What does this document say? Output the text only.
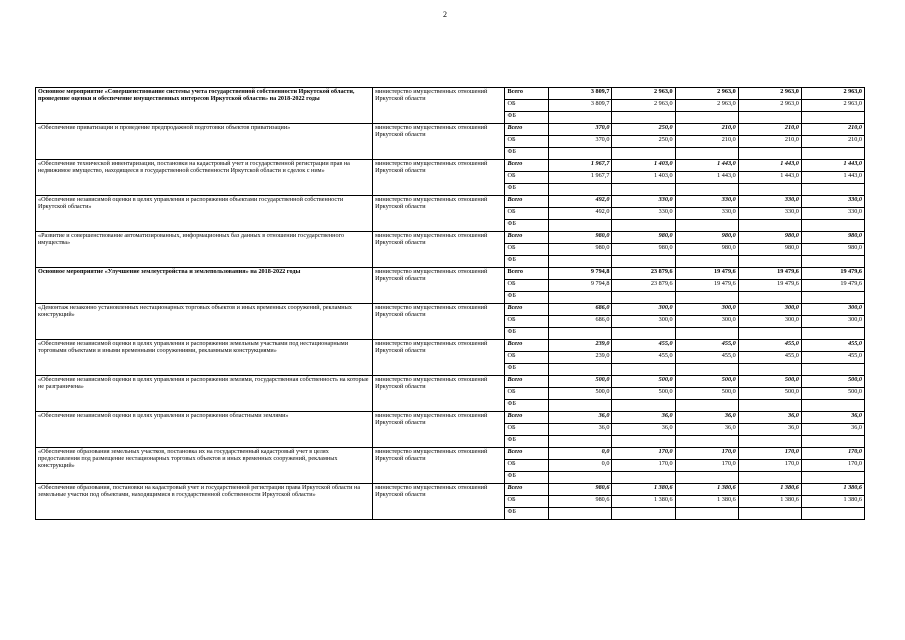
2
Основное мероприятие «Совершенствование системы учета государственной собственности Иркутской области, проведение оценки и обеспечение имущественных интересов Иркутской области» на 2018-2022 годы	министерство имущественных отношений Иркутской области	Всего	3 809,7	2 963,0	2 963,0	2 963,0	2 963,0
		ОБ	3 809,7	2 963,0	2 963,0	2 963,0	2 963,0
		ФБ					
«Обеспечение приватизации и проведение предпродажной подготовки объектов приватизации»	министерство имущественных отношений Иркутской области	Всего	370,0	250,0	210,0	210,0	210,0
		ОБ	370,0	250,0	210,0	210,0	210,0
		ФБ					
«Обеспечение технической инвентаризации, постановки на кадастровый учет и государственной регистрации прав на недвижимое имущество, находящееся в государственной собственности Иркутской области и сделок с ним»	министерство имущественных отношений Иркутской области	Всего	1 967,7	1 403,0	1 443,0	1 443,0	1 443,0
		ОБ	1 967,7	1 403,0	1 443,0	1 443,0	1 443,0
		ФБ					
«Обеспечение независимой оценки в целях управления и распоряжения объектами государственной собственности Иркутской области»	министерство имущественных отношений Иркутской области	Всего	492,0	330,0	330,0	330,0	330,0
		ОБ	492,0	330,0	330,0	330,0	330,0
		ФБ					
«Развитие и совершенствование автоматизированных, информационных баз данных в отношении государственного имущества»	министерство имущественных отношений Иркутской области	Всего	980,0	980,0	980,0	980,0	980,0
		ОБ	980,0	980,0	980,0	980,0	980,0
		ФБ					
Основное мероприятие «Улучшение землеустройства и землепользования» на 2018-2022 годы	министерство имущественных отношений Иркутской области	Всего	9 794,8	23 879,6	19 479,6	19 479,6	19 479,6
		ОБ	9 794,8	23 879,6	19 479,6	19 479,6	19 479,6
		ФБ					
«Демонтаж незаконно установленных нестационарных торговых объектов и иных временных сооружений, рекламных конструкций»	министерство имущественных отношений Иркутской области	Всего	686,0	300,0	300,0	300,0	300,0
		ОБ	686,0	300,0	300,0	300,0	300,0
		ФБ					
«Обеспечение независимой оценки в целях управления и распоряжения земельным участками под нестационарными торговыми объектами и иными временными сооружениями, рекламными конструкциями»	министерство имущественных отношений Иркутской области	Всего	239,0	455,0	455,0	455,0	455,0
		ОБ	239,0	455,0	455,0	455,0	455,0
		ФБ					
«Обеспечение независимой оценки в целях управления и распоряжения землями, государственная собственность на которые не разграничена»	министерство имущественных отношений Иркутской области	Всего	500,0	500,0	500,0	500,0	500,0
		ОБ	500,0	500,0	500,0	500,0	500,0
		ФБ					
«Обеспечение независимой оценки в целях управления и распоряжения областными землями»	министерство имущественных отношений Иркутской области	Всего	36,0	36,0	36,0	36,0	36,0
		ОБ	36,0	36,0	36,0	36,0	36,0
		ФБ					
«Обеспечение образования земельных участков, постановка их на государственный кадастровый учет в целях предоставления под размещение нестационарных торговых объектов и иных временных сооружений, рекламных конструкций»	министерство имущественных отношений Иркутской области	Всего	0,0	170,0	170,0	170,0	170,0
		ОБ	0,0	170,0	170,0	170,0	170,0
		ФБ					
«Обеспечение образования, постановки на кадастровый учет и государственной регистрации права Иркутской области на земельные участки под объектами, находящимися в государственной собственности Иркутской области»	министерство имущественных отношений Иркутской области	Всего	980,6	1 380,6	1 380,6	1 380,6	1 380,6
		ОБ	980,6	1 380,6	1 380,6	1 380,6	1 380,6
		ФБ					
